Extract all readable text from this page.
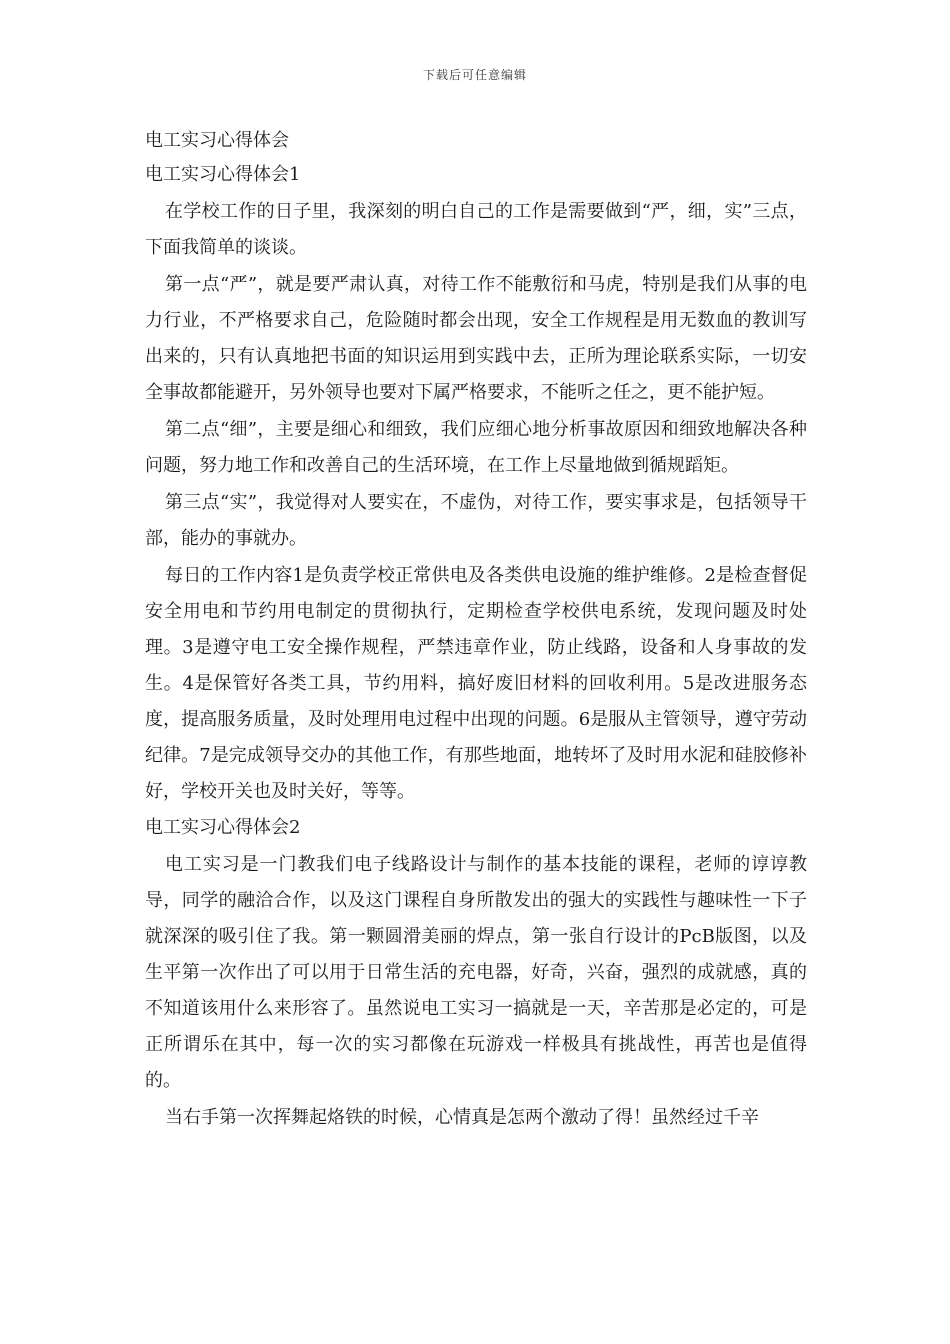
下载后可任意编辑

电工实习心得体会

电工实习心得体会1

在学校工作的日子里，我深刻的明白自己的工作是需要做到“严，细，实”三点，下面我简单的谈谈。

第一点“严”，就是要严肃认真，对待工作不能敷衍和马虎，特别是我们从事的电力行业，不严格要求自己，危险随时都会出现，安全工作规程是用无数血的教训写出来的，只有认真地把书面的知识运用到实践中去，正所为理论联系实际，一切安全事故都能避开，另外领导也要对下属严格要求，不能听之任之，更不能护短。

第二点“细”，主要是细心和细致，我们应细心地分析事故原因和细致地解决各种问题，努力地工作和改善自己的生活环境，在工作上尽量地做到循规蹈矩。

第三点“实”，我觉得对人要实在，不虚伪，对待工作，要实事求是，包括领导干部，能办的事就办。

每日的工作内容1是负责学校正常供电及各类供电设施的维护维修。2是检查督促安全用电和节约用电制定的贯彻执行，定期检查学校供电系统，发现问题及时处理。3是遵守电工安全操作规程，严禁违章作业，防止线路，设备和人身事故的发生。4是保管好各类工具，节约用料，搞好废旧材料的回收利用。5是改进服务态度，提高服务质量，及时处理用电过程中出现的问题。6是服从主管领导，遵守劳动纪律。7是完成领导交办的其他工作，有那些地面，地转坏了及时用水泥和硅胶修补好，学校开关也及时关好，等等。

电工实习心得体会2

电工实习是一门教我们电子线路设计与制作的基本技能的课程，老师的谆谆教导，同学的融洽合作，以及这门课程自身所散发出的强大的实践性与趣味性一下子就深深的吸引住了我。第一颗圆滑美丽的焊点，第一张自行设计的PcB版图，以及生平第一次作出了可以用于日常生活的充电器，好奇，兴奋，强烈的成就感，真的不知道该用什么来形容了。虽然说电工实习一搞就是一天，辛苦那是必定的，可是正所谓乐在其中，每一次的实习都像在玩游戏一样极具有挑战性，再苦也是值得的。

当右手第一次挥舞起烙铁的时候，心情真是怎两个激动了得！虽然经过千辛
